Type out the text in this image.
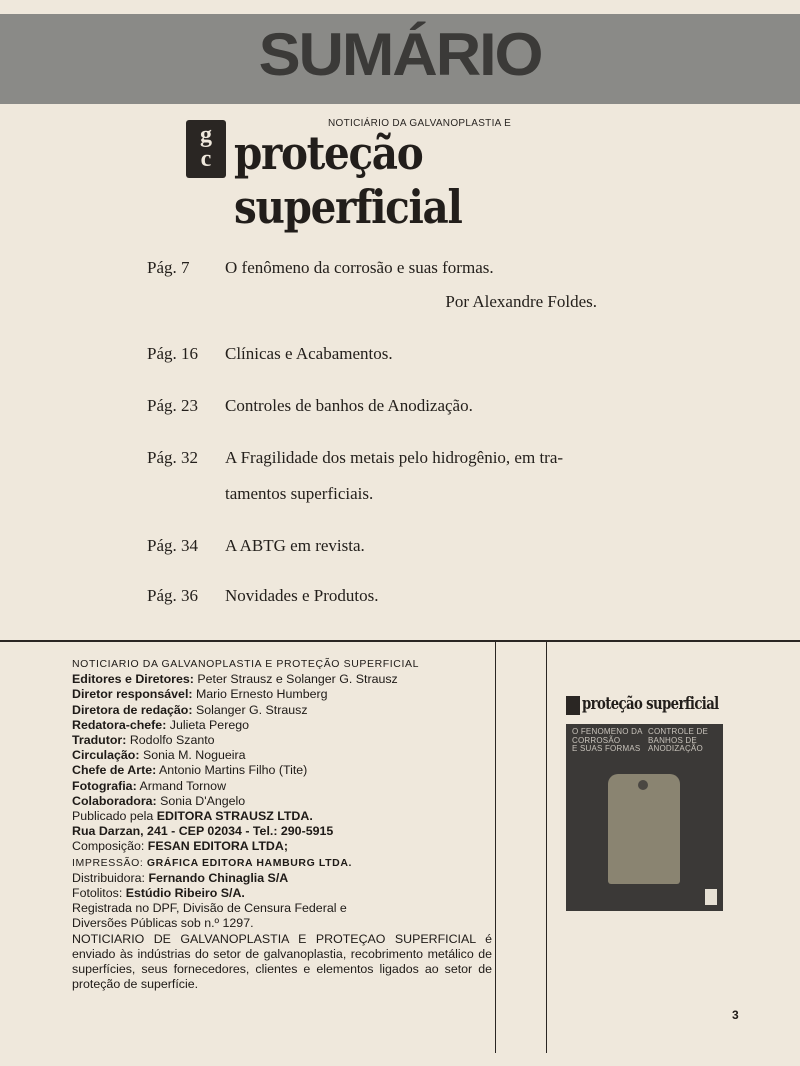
SUMÁRIO
g
c
NOTICIÁRIO DA GALVANOPLASTIA E
proteção superficial
Pág. 7 O fenômeno da corrosão e suas formas.
Por Alexandre Foldes.
Pág. 16 Clínicas e Acabamentos.
Pág. 23 Controles de banhos de Anodização.
Pág. 32 A Fragilidade dos metais pelo hidrogênio, em tra-
tamentos superficiais.
Pág. 34 A ABTG em revista.
Pág. 36 Novidades e Produtos.
NOTICIARIO DA GALVANOPLASTIA E PROTEÇÃO SUPERFICIAL
Editores e Diretores: Peter Strausz e Solanger G. Strausz
Diretor responsável: Mario Ernesto Humberg
Diretora de redação: Solanger G. Strausz
Redatora-chefe: Julieta Perego
Tradutor: Rodolfo Szanto
Circulação: Sonia M. Nogueira
Chefe de Arte: Antonio Martins Filho (Tite)
Fotografia: Armand Tornow
Colaboradora: Sonia D'Angelo
Publicado pela EDITORA STRAUSZ LTDA.
Rua Darzan, 241 - CEP 02034 - Tel.: 290-5915
Composição: FESAN EDITORA LTDA;
IMPRESSÃO: GRÁFICA EDITORA HAMBURG LTDA.
Distribuidora: Fernando Chinaglia S/A
Fotolitos: Estúdio Ribeiro S/A.
Registrada no DPF, Divisão de Censura Federal e
Diversões Públicas sob n.º 1297.
NOTICIARIO DE GALVANOPLASTIA E PROTEÇAO SUPERFICIAL é enviado às indústrias do setor de galvanoplastia, recobrimento metálico de superfícies, seus fornecedores, clientes e elementos ligados ao setor de proteção de superfície.
proteção superficial
O FENOMENO DA
CORROSÃO
E SUAS FORMAS
CONTROLE DE
BANHOS DE
ANODIZAÇÃO
3
